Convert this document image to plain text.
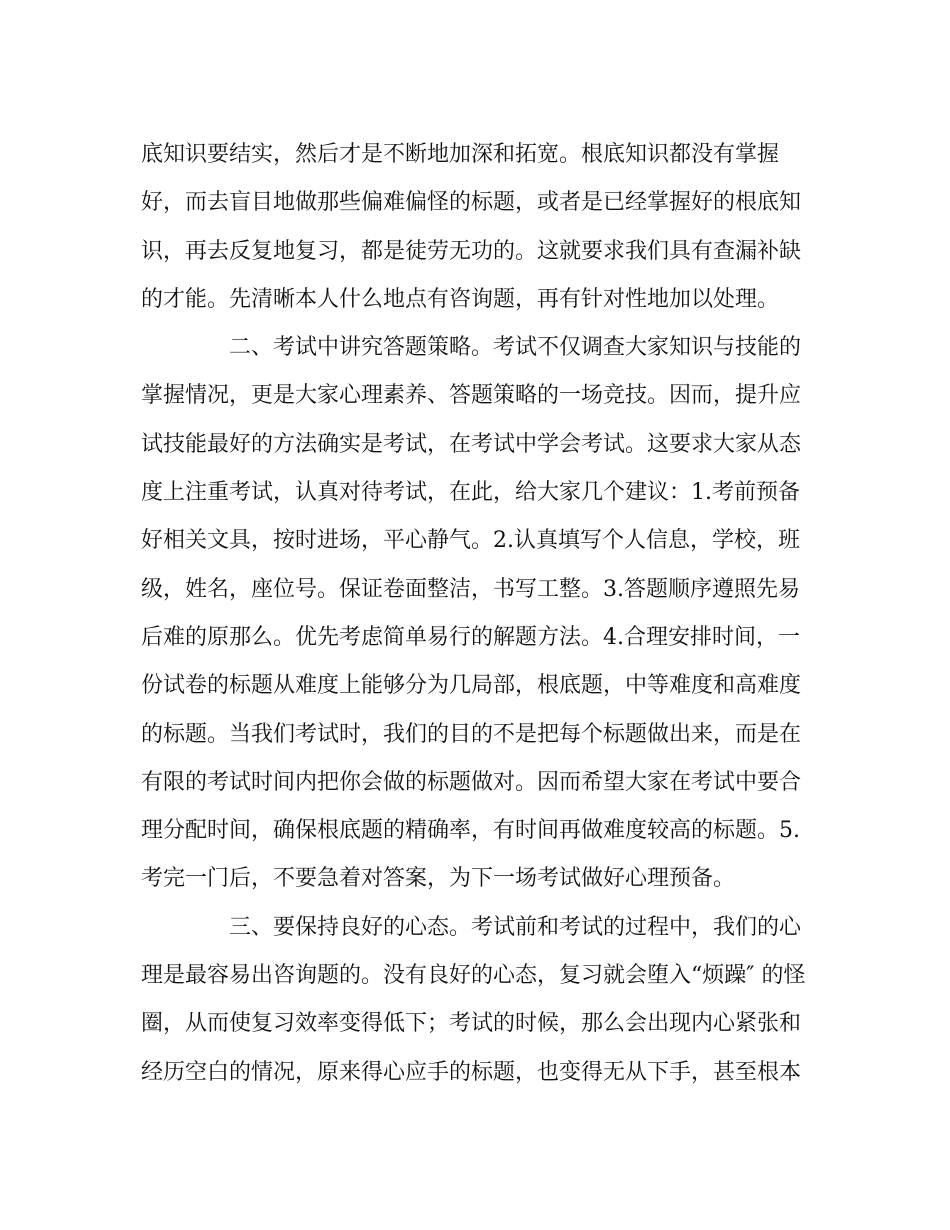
底知识要结实，然后才是不断地加深和拓宽。根底知识都没有掌握
好，而去盲目地做那些偏难偏怪的标题，或者是已经掌握好的根底知
识，再去反复地复习，都是徒劳无功的。这就要求我们具有查漏补缺
的才能。先清晰本人什么地点有咨询题，再有针对性地加以处理。
二、考试中讲究答题策略。考试不仅调查大家知识与技能的
掌握情况，更是大家心理素养、答题策略的一场竞技。因而，提升应
试技能最好的方法确实是考试，在考试中学会考试。这要求大家从态
度上注重考试，认真对待考试，在此，给大家几个建议：1.考前预备
好相关文具，按时进场，平心静气。2.认真填写个人信息，学校，班
级，姓名，座位号。保证卷面整洁，书写工整。3.答题顺序遵照先易
后难的原那么。优先考虑简单易行的解题方法。4.合理安排时间，一
份试卷的标题从难度上能够分为几局部，根底题，中等难度和高难度
的标题。当我们考试时，我们的目的不是把每个标题做出来，而是在
有限的考试时间内把你会做的标题做对。因而希望大家在考试中要合
理分配时间，确保根底题的精确率，有时间再做难度较高的标题。5.
考完一门后，不要急着对答案，为下一场考试做好心理预备。
三、要保持良好的心态。考试前和考试的过程中，我们的心
理是最容易出咨询题的。没有良好的心态，复习就会堕入“烦躁″ 的怪
圈，从而使复习效率变得低下；考试的时候，那么会出现内心紧张和
经历空白的情况，原来得心应手的标题，也变得无从下手，甚至根本
